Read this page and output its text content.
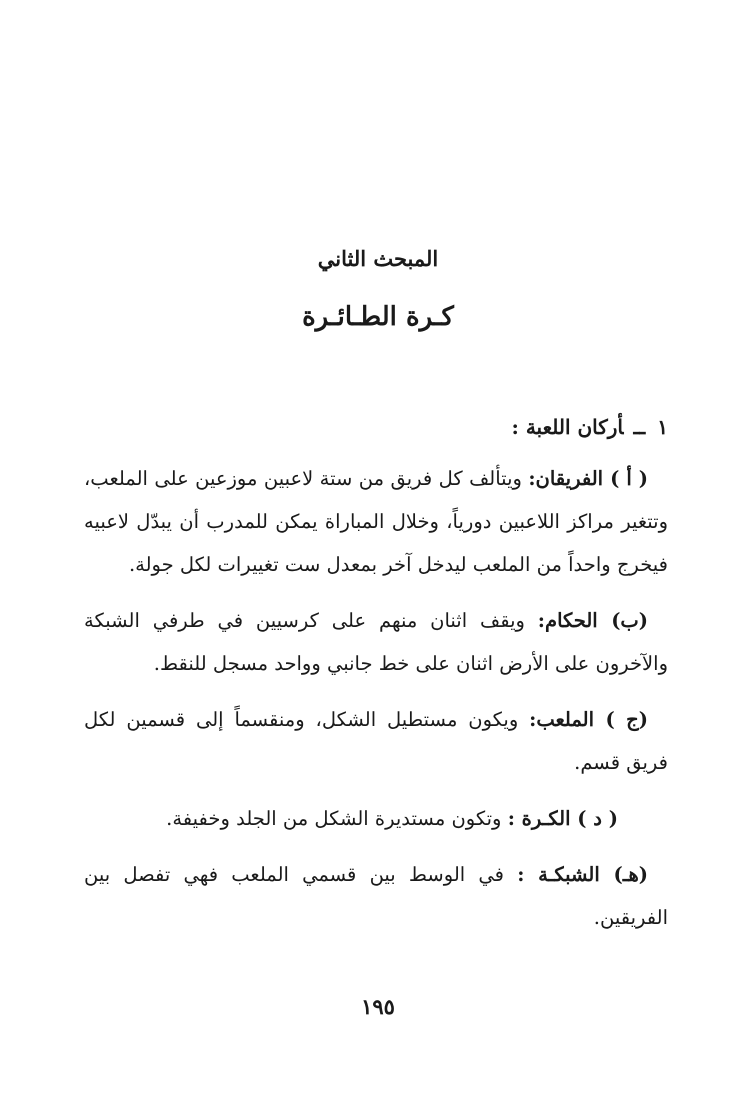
المبحث الثاني
كـرة الطـائـرة
١ــأركان اللعبة :

( أ ) الفريقان: ويتألف كل فريق من ستة لاعبين موزعين على الملعب، وتتغير مراكز اللاعبين دورياً، وخلال المباراة يمكن للمدرب أن يبدّل لاعبيه فيخرج واحداً من الملعب ليدخل آخر بمعدل ست تغييرات لكل جولة.

(ب) الحكام: ويقف اثنان منهم على كرسيين في طرفي الشبكة والآخرون على الأرض اثنان على خط جانبي وواحد مسجل للنقط.

(ج ) الملعب: ويكون مستطيل الشكل، ومنقسماً إلى قسمين لكل فريق قسم.

( د ) الكـرة : وتكون مستديرة الشكل من الجلد وخفيفة.

(هـ) الشبكـة : في الوسط بين قسمي الملعب فهي تفصل بين الفريقين.

١٩٥
